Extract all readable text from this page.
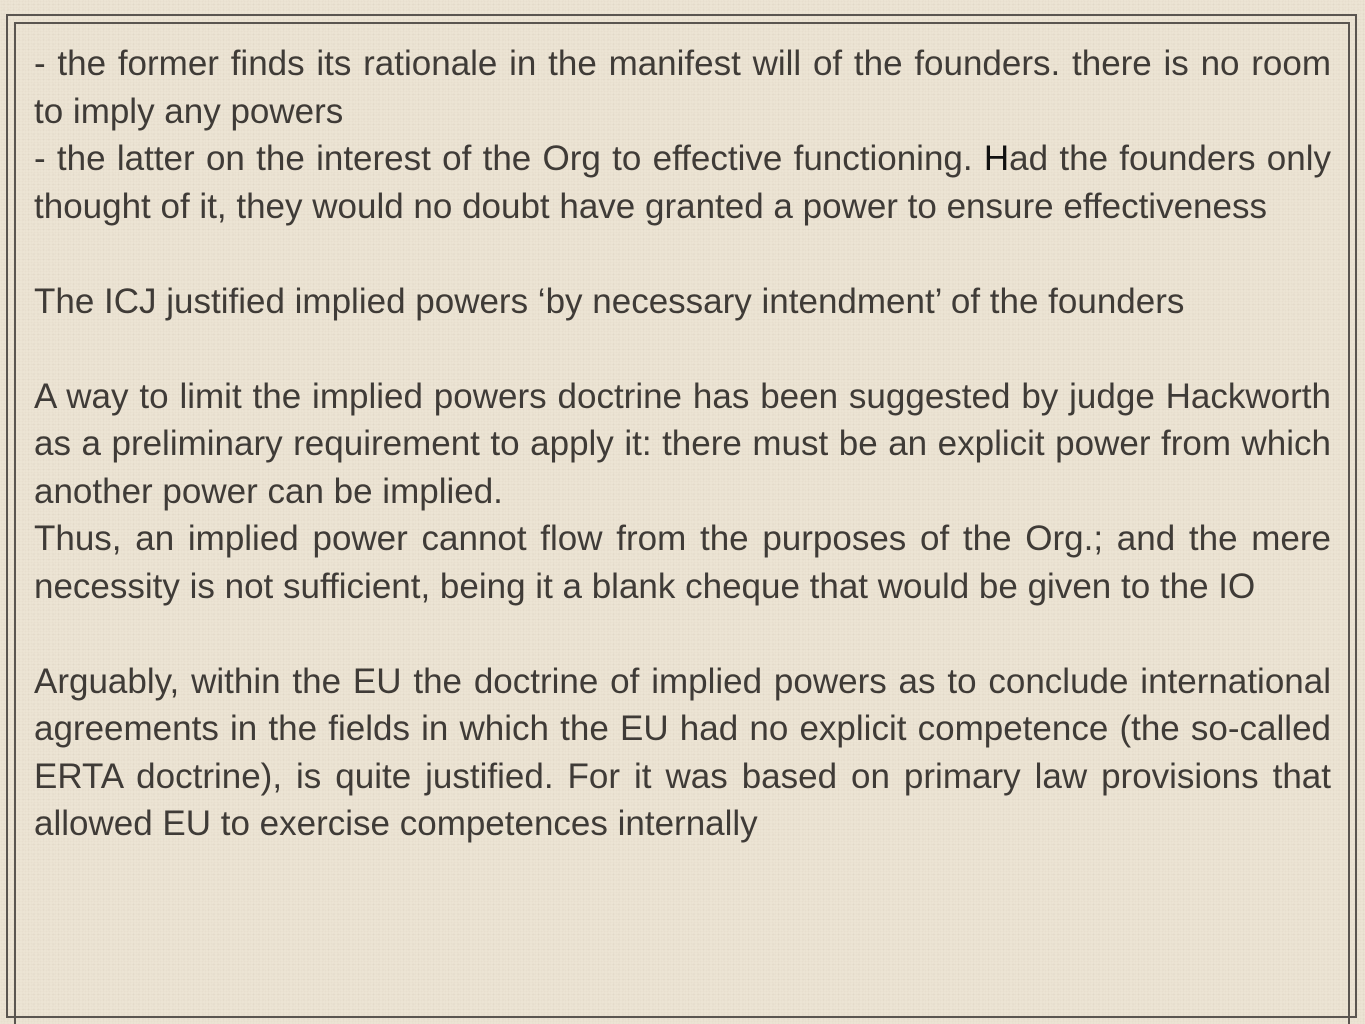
- the former finds its rationale in the manifest will of the founders. there is no room to imply any powers

- the latter on the interest of the Org to effective functioning. Had the founders only thought of it, they would no doubt have granted a power to ensure effectiveness

The ICJ justified implied powers ‘by necessary intendment’ of the founders

A way to limit the implied powers doctrine has been suggested by judge Hackworth as a preliminary requirement to apply it: there must be an explicit power from which another power can be implied.

Thus, an implied power cannot flow from the purposes of the Org.; and the mere necessity is not sufficient, being it a blank cheque that would be given to the IO

Arguably, within the EU the doctrine of implied powers as to conclude international agreements in the fields in which the EU had no explicit competence (the so-called ERTA doctrine), is quite justified. For it was based on primary law provisions that allowed EU to exercise competences internally
